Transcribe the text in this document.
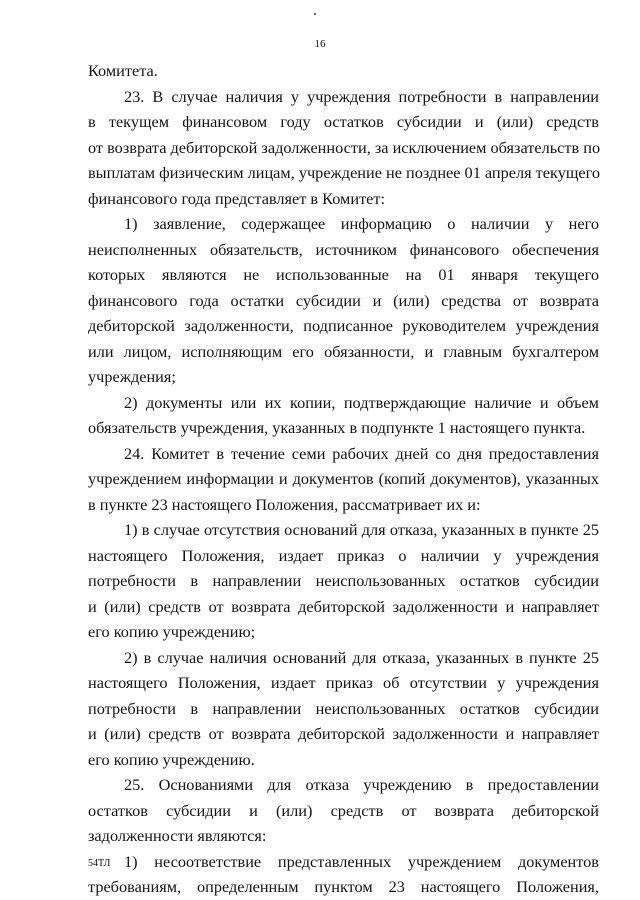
16
Комитета.
23. В случае наличия у учреждения потребности в направлении
в текущем финансовом году остатков субсидии и (или) средств
от возврата дебиторской задолженности, за исключением обязательств по
выплатам физическим лицам, учреждение не позднее 01 апреля текущего
финансового года представляет в Комитет:
1) заявление, содержащее информацию о наличии у него
неисполненных обязательств, источником финансового обеспечения
которых являются не использованные на 01 января текущего
финансового года остатки субсидии и (или) средства от возврата
дебиторской задолженности, подписанное руководителем учреждения
или лицом, исполняющим его обязанности, и главным бухгалтером
учреждения;
2) документы или их копии, подтверждающие наличие и объем
обязательств учреждения, указанных в подпункте 1 настоящего пункта.
24. Комитет в течение семи рабочих дней со дня предоставления
учреждением информации и документов (копий документов), указанных
в пункте 23 настоящего Положения, рассматривает их и:
1) в случае отсутствия оснований для отказа, указанных в пункте 25
настоящего Положения, издает приказ о наличии у учреждения
потребности в направлении неиспользованных остатков субсидии
и (или) средств от возврата дебиторской задолженности и направляет
его копию учреждению;
2) в случае наличия оснований для отказа, указанных в пункте 25
настоящего Положения, издает приказ об отсутствии у учреждения
потребности в направлении неиспользованных остатков субсидии
и (или) средств от возврата дебиторской задолженности и направляет
его копию учреждению.
25. Основаниями для отказа учреждению в предоставлении
остатков субсидии и (или) средств от возврата дебиторской
задолженности являются:
1) несоответствие представленных учреждением документов
требованиям, определенным пунктом 23 настоящего Положения,
54ТЛ
